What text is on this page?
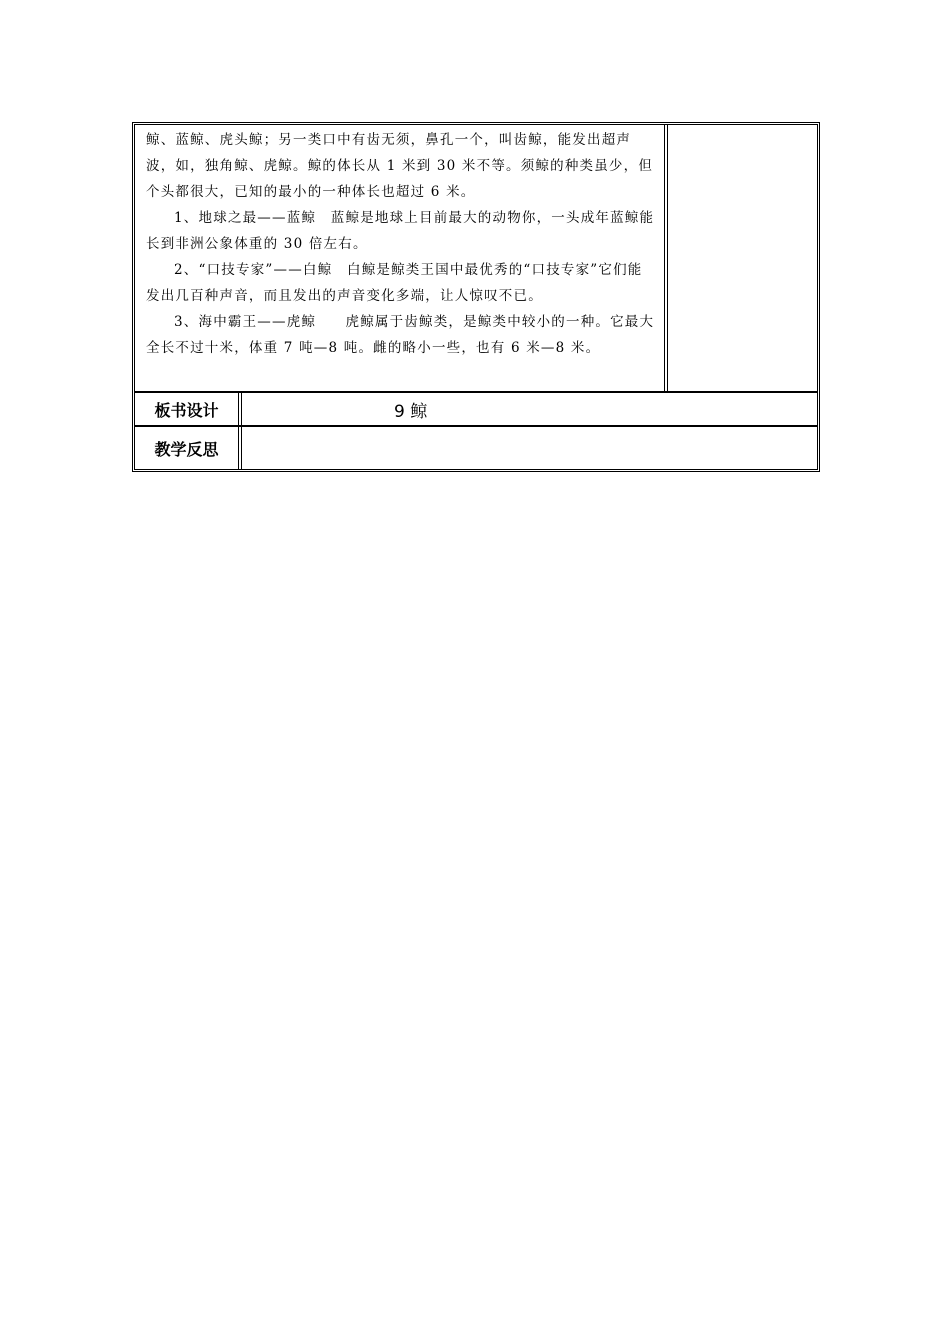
鲸、蓝鲸、虎头鲸；另一类口中有齿无须，鼻孔一个，叫齿鲸，能发出超声波，如，独角鲸、虎鲸。鲸的体长从 1 米到 30 米不等。须鲸的种类虽少，但个头都很大，已知的最小的一种体长也超过 6 米。

1、地球之最——蓝鲸　蓝鲸是地球上目前最大的动物你，一头成年蓝鲸能长到非洲公象体重的 30 倍左右。

2、“口技专家”——白鲸　白鲸是鲸类王国中最优秀的“口技专家”它们能发出几百种声音，而且发出的声音变化多端，让人惊叹不已。

3、海中霸王——虎鲸　　虎鲸属于齿鲸类，是鲸类中较小的一种。它最大全长不过十米，体重 7 吨—8 吨。雌的略小一些，也有 6 米—8 米。

板书设计	9 鲸
教学反思
